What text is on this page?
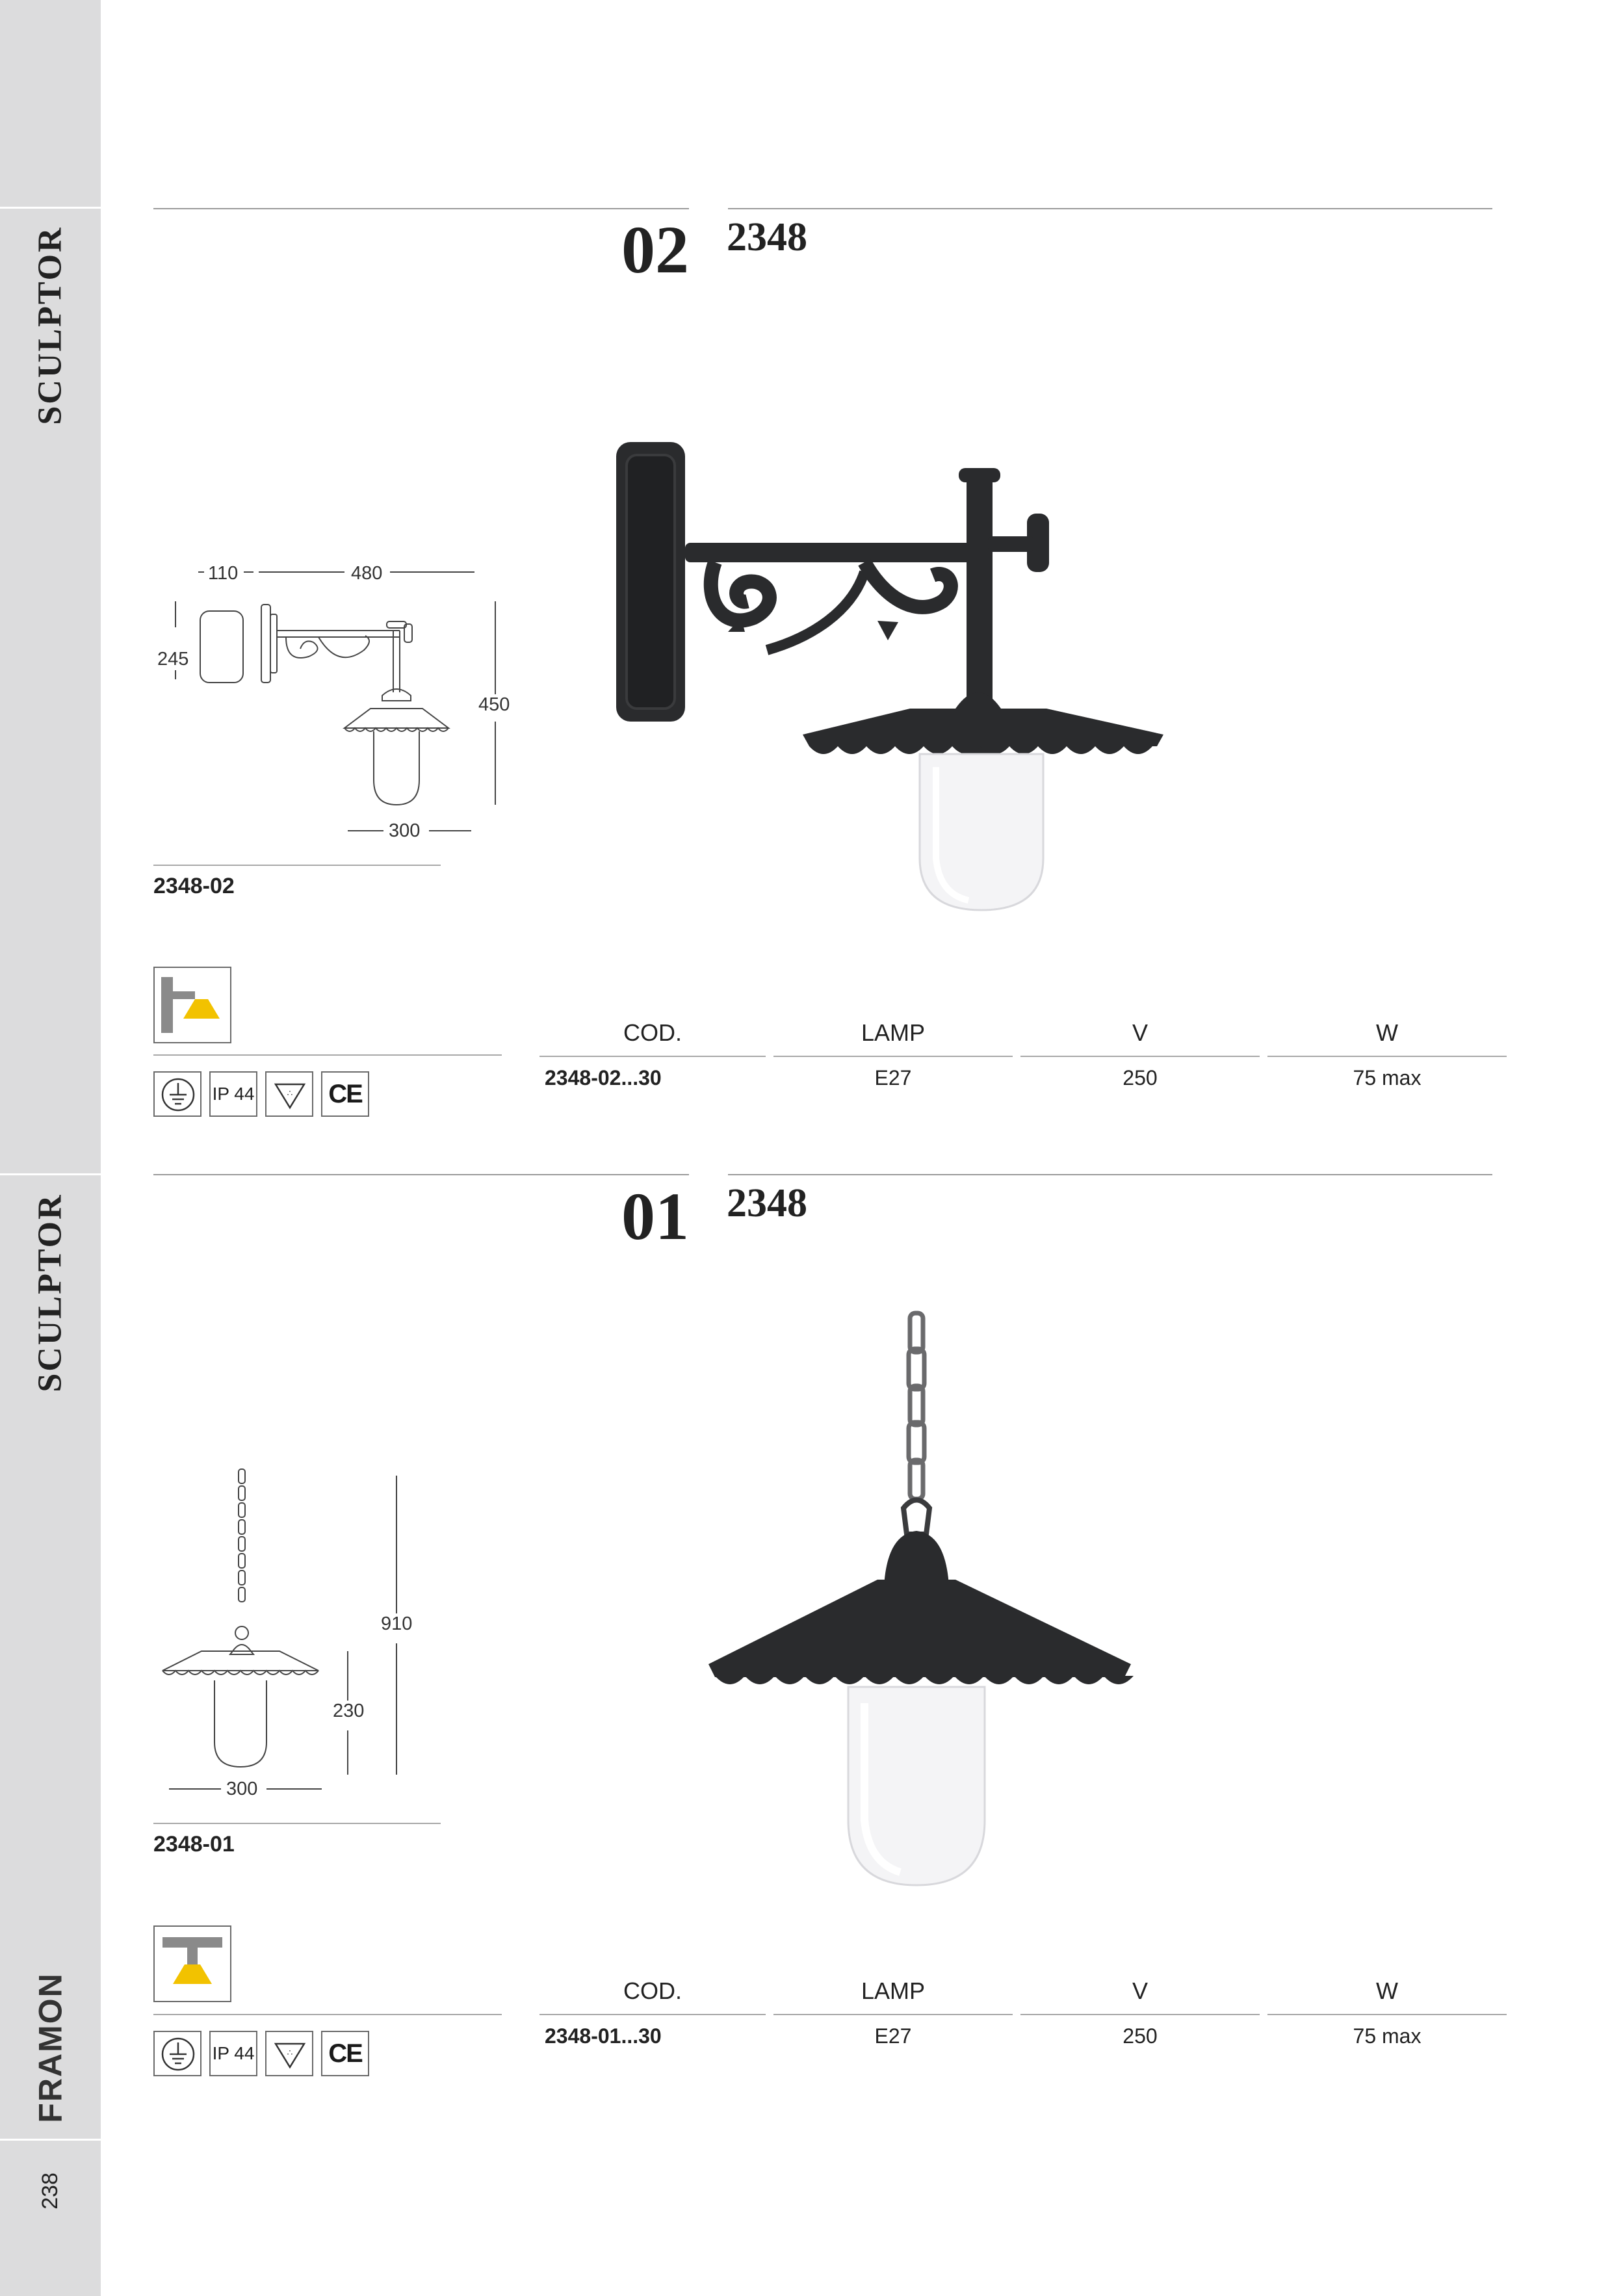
SCULPTOR
SCULPTOR
FRAMON
238
02 2348
110	480
245
450
300
2348-02
IP 44	∴ CE
COD.	LAMP	V	W
2348-02...30	E27	250	75 max
01 2348
910
230
300
2348-01
IP 44	∴ CE
COD.	LAMP	V	W
2348-01...30	E27	250	75 max
